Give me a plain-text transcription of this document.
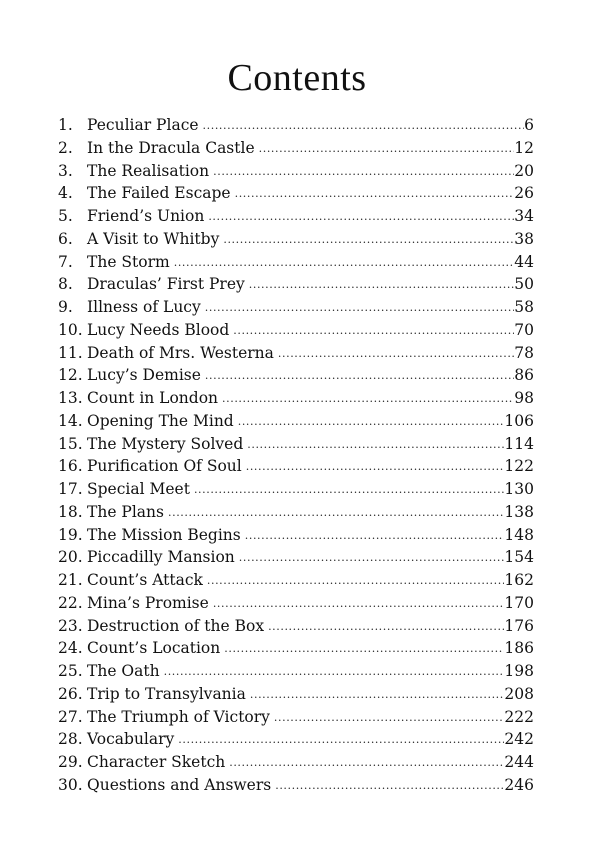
Contents
1. Peculiar Place .....	6
2. In the Dracula Castle .....	12
3. The Realisation .....	20
4. The Failed Escape .....	26
5. Friend’s Union .....	34
6. A Visit to Whitby .....	38
7. The Storm .....	44
8. Draculas’ First Prey .....	50
9. Illness of Lucy .....	58
10. Lucy Needs Blood .....	70
11. Death of Mrs. Westerna .....	78
12. Lucy’s Demise .....	86
13. Count in London .....	98
14. Opening The Mind .....	106
15. The Mystery Solved .....	114
16. Purification Of Soul .....	122
17. Special Meet .....	130
18. The Plans .....	138
19. The Mission Begins .....	148
20. Piccadilly Mansion .....	154
21. Count’s Attack .....	162
22. Mina’s Promise .....	170
23. Destruction of the Box .....	176
24. Count’s Location .....	186
25. The Oath .....	198
26. Trip to Transylvania .....	208
27. The Triumph of Victory .....	222
28. Vocabulary .....	242
29. Character Sketch .....	244
30. Questions and Answers .....	246
